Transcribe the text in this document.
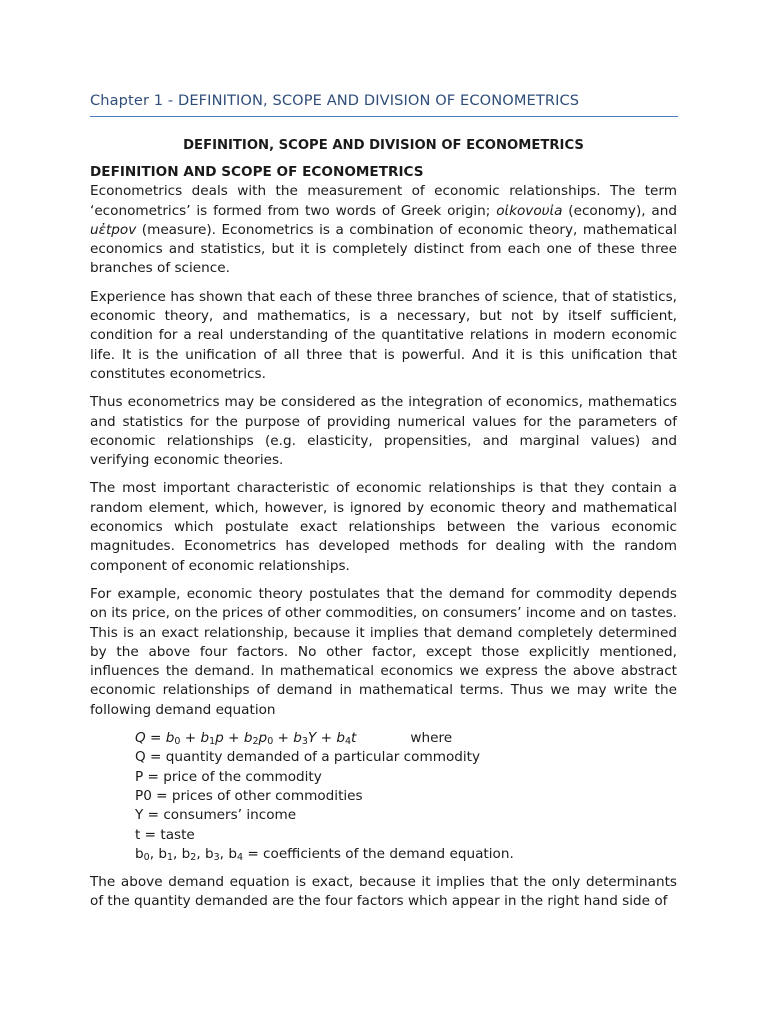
Chapter 1 - DEFINITION, SCOPE AND DIVISION OF ECONOMETRICS
DEFINITION, SCOPE AND DIVISION OF ECONOMETRICS
DEFINITION AND SCOPE OF ECONOMETRICS

Econometrics deals with the measurement of economic relationships. The term ‘econometrics’ is formed from two words of Greek origin; oἰkovoυἰa (economy), and uἐtpov (measure). Econometrics is a combination of economic theory, mathematical economics and statistics, but it is completely distinct from each one of these three branches of science.

Experience has shown that each of these three branches of science, that of statistics, economic theory, and mathematics, is a necessary, but not by itself sufficient, condition for a real understanding of the quantitative relations in modern economic life. It is the unification of all three that is powerful. And it is this unification that constitutes econometrics.

Thus econometrics may be considered as the integration of economics, mathematics and statistics for the purpose of providing numerical values for the parameters of economic relationships (e.g. elasticity, propensities, and marginal values) and verifying economic theories.

The most important characteristic of economic relationships is that they contain a random element, which, however, is ignored by economic theory and mathematical economics which postulate exact relationships between the various economic magnitudes. Econometrics has developed methods for dealing with the random component of economic relationships.

For example, economic theory postulates that the demand for commodity depends on its price, on the prices of other commodities, on consumers’ income and on tastes. This is an exact relationship, because it implies that demand completely determined by the above four factors. No other factor, except those explicitly mentioned, influences the demand. In mathematical economics we express the above abstract economic relationships of demand in mathematical terms. Thus we may write the following demand equation

$Q = b_0 + b_1p + b_2p_0 + b_3Y + b_4t$	where
Q = quantity demanded of a particular commodity
P = price of the commodity
P0 = prices of other commodities
Y = consumers’ income
t = taste
$b_0$, $b_1$, $b_2$, $b_3$, $b_4$ = coefficients of the demand equation.

The above demand equation is exact, because it implies that the only determinants of the quantity demanded are the four factors which appear in the right hand side of
